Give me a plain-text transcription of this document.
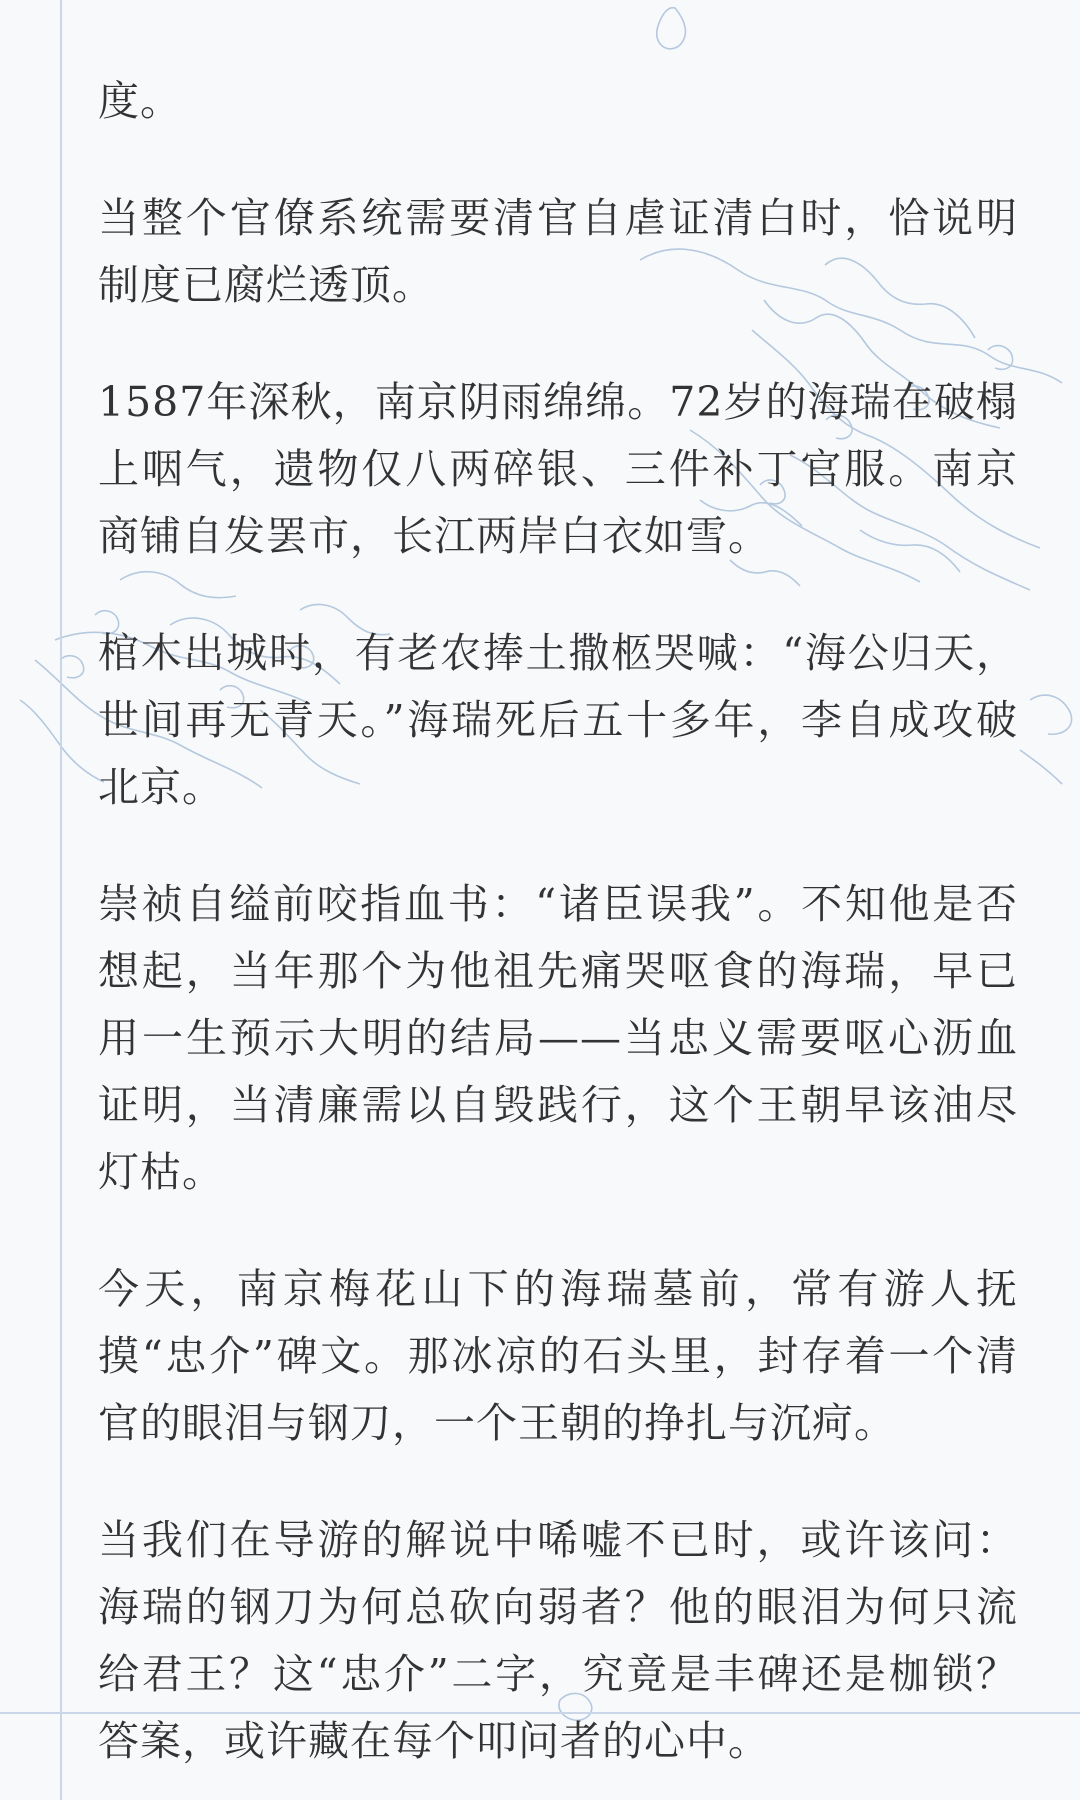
度。

当整个官僚系统需要清官自虐证清白时，恰说明制度已腐烂透顶。

1587年深秋，南京阴雨绵绵。72岁的海瑞在破榻上咽气，遗物仅八两碎银、三件补丁官服。南京商铺自发罢市，长江两岸白衣如雪。

棺木出城时，有老农捧土撒柩哭喊：“海公归天，世间再无青天。”海瑞死后五十多年，李自成攻破北京。

崇祯自缢前咬指血书：“诸臣误我”。不知他是否想起，当年那个为他祖先痛哭呕食的海瑞，早已用一生预示大明的结局——当忠义需要呕心沥血证明，当清廉需以自毁践行，这个王朝早该油尽灯枯。

今天，南京梅花山下的海瑞墓前，常有游人抚摸“忠介”碑文。那冰凉的石头里，封存着一个清官的眼泪与钢刀，一个王朝的挣扎与沉疴。

当我们在导游的解说中唏嘘不已时，或许该问：海瑞的钢刀为何总砍向弱者？他的眼泪为何只流给君王？这“忠介”二字，究竟是丰碑还是枷锁？答案，或许藏在每个叩问者的心中。
